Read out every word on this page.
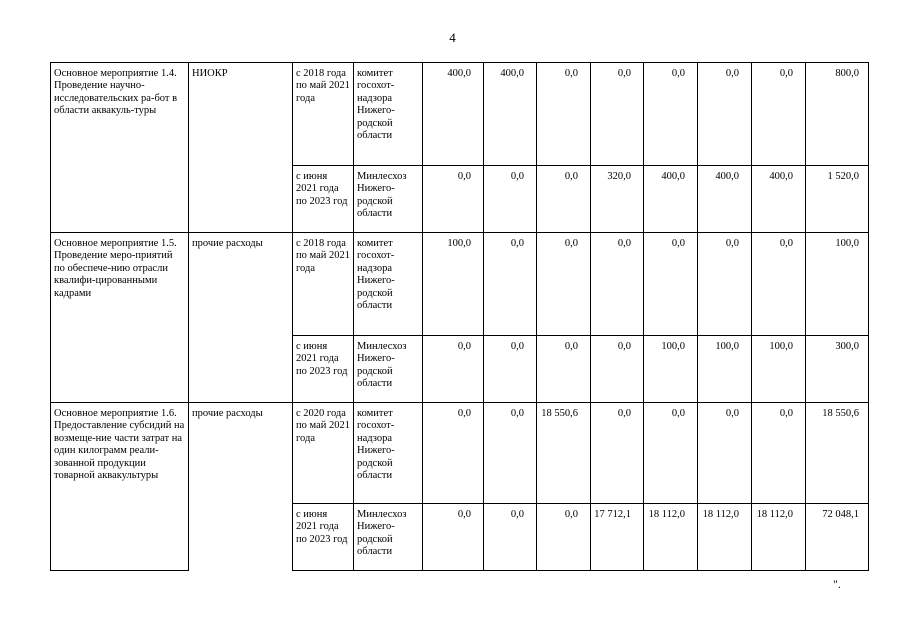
4
Основное мероприятие 1.4. Проведение научно-исследовательских ра-бот в области аквакуль-туры	НИОКР	с 2018 года по май 2021 года	комитет госохот-надзора Нижего-родской области	400,0	400,0	0,0	0,0	0,0	0,0	0,0	800,0
		с июня 2021 года по 2023 год	Минлесхоз Нижего-родской области	0,0	0,0	0,0	320,0	400,0	400,0	400,0	1 520,0
Основное мероприятие 1.5. Проведение меро-приятий по обеспече-нию отрасли квалифи-цированными кадрами	прочие расходы	с 2018 года по май 2021 года	комитет госохот-надзора Нижего-родской области	100,0	0,0	0,0	0,0	0,0	0,0	0,0	100,0
		с июня 2021 года по 2023 год	Минлесхоз Нижего-родской области	0,0	0,0	0,0	0,0	100,0	100,0	100,0	300,0
Основное мероприятие 1.6. Предоставление субсидий на возмеще-ние части затрат на один килограмм реали-зованной продукции товарной аквакультуры	прочие расходы	с 2020 года по май 2021 года	комитет госохот-надзора Нижего-родской области	0,0	0,0	18 550,6	0,0	0,0	0,0	0,0	18 550,6
		с июня 2021 года по 2023 год	Минлесхоз Нижего-родской области	0,0	0,0	0,0	17 712,1	18 112,0	18 112,0	18 112,0	72 048,1
".
